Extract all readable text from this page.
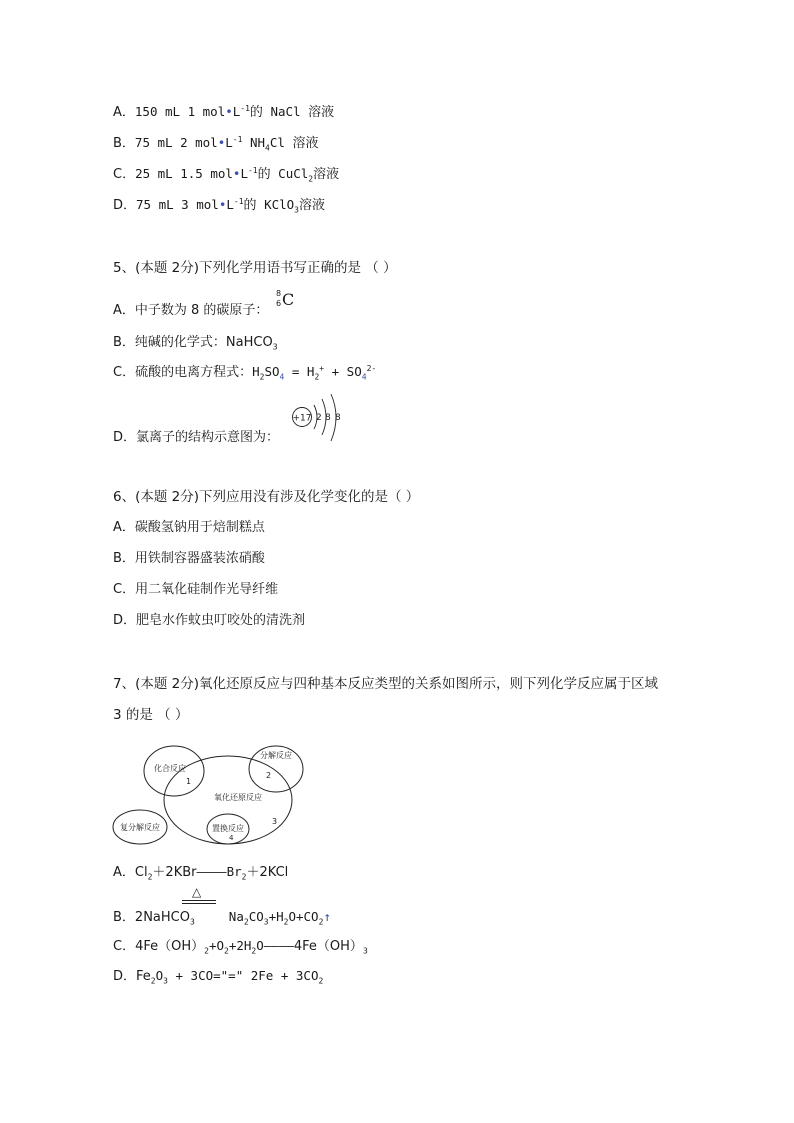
A．150 mL 1 $mol•L^{-1}$的 NaCl 溶液
B．75 mL 2 $mol•L^{-1}$ $NH_4Cl$ 溶液
C．25 mL 1.5 $mol•L^{-1}$的 CuCl$_2$溶液
D．75 mL 3 $mol•L^{-1}$的 KClO$_3$溶液
5、(本题 2分)下列化学用语书写正确的是 （ ）
A．中子数为 8 的碳原子：
8
6 C
B．纯碱的化学式：NaHCO$_3$
C．硫酸的电离方程式：$H_2SO_4 = H_2^+ + SO_4^{2-}$
D．氯离子的结构示意图为：
+17 2 8 8
6、(本题 2分)下列应用没有涉及化学变化的是（ ）
A．碳酸氢钠用于焙制糕点
B．用铁制容器盛装浓硝酸
C．用二氧化硅制作光导纤维
D．肥皂水作蚊虫叮咬处的清洗剂
7、(本题 2分)氧化还原反应与四种基本反应类型的关系如图所示，则下列化学反应属于区域
3 的是 （ ）
化合反应
1
分解反应
2
氧化还原反应
3
复分解反应	置换反应
4
A．$Cl_2+2KBr————Br_2+2KCl$
△
B．2NaHCO$_3$	$Na_2CO_3+H_2O+CO_2↑$
C．$4Fe(OH)_2+O_2+2H_2O————4Fe(OH)_3$
D．$Fe_2O_3$ + 3CO="=" $2Fe + 3CO_2$
